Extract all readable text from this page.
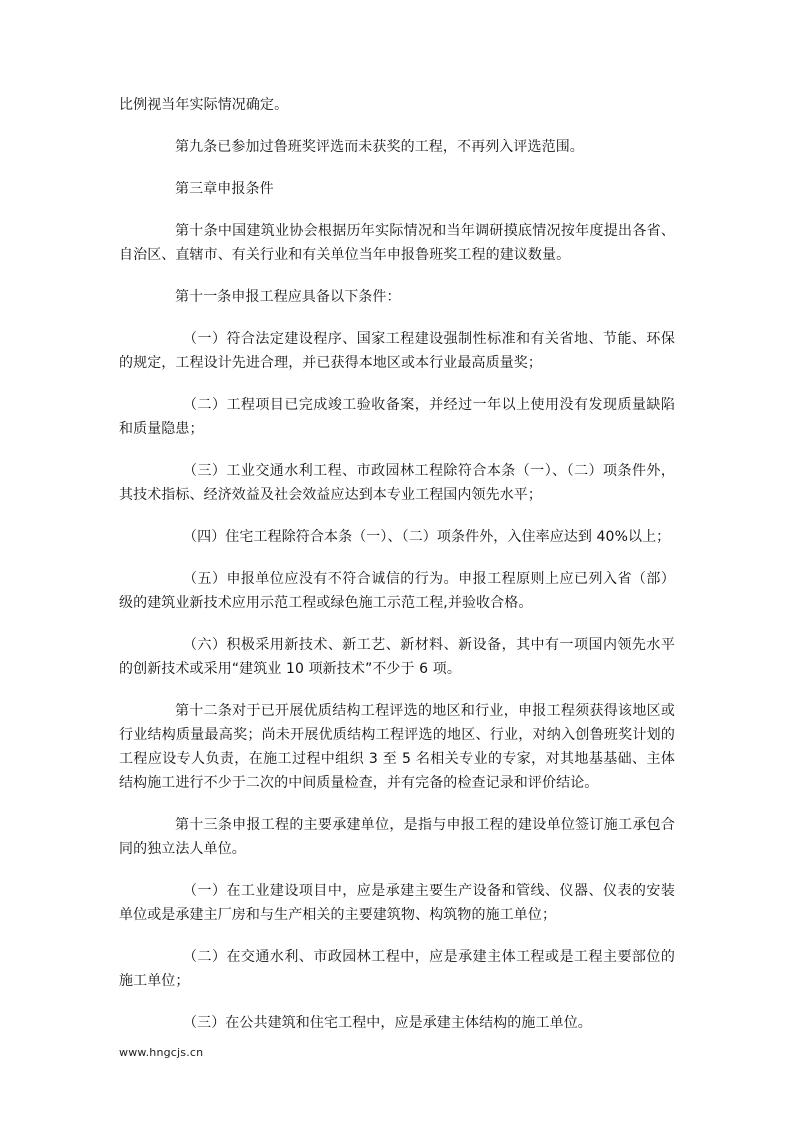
比例视当年实际情况确定。

第九条已参加过鲁班奖评选而未获奖的工程，不再列入评选范围。

第三章申报条件

第十条中国建筑业协会根据历年实际情况和当年调研摸底情况按年度提出各省、自治区、直辖市、有关行业和有关单位当年申报鲁班奖工程的建议数量。

第十一条申报工程应具备以下条件：

（一）符合法定建设程序、国家工程建设强制性标准和有关省地、节能、环保的规定，工程设计先进合理，并已获得本地区或本行业最高质量奖；

（二）工程项目已完成竣工验收备案，并经过一年以上使用没有发现质量缺陷和质量隐患；

（三）工业交通水利工程、市政园林工程除符合本条（一）、（二）项条件外，其技术指标、经济效益及社会效益应达到本专业工程国内领先水平；

（四）住宅工程除符合本条（一）、（二）项条件外，入住率应达到 40%以上；

（五）申报单位应没有不符合诚信的行为。申报工程原则上应已列入省（部）级的建筑业新技术应用示范工程或绿色施工示范工程,并验收合格。

（六）积极采用新技术、新工艺、新材料、新设备，其中有一项国内领先水平的创新技术或采用“建筑业 10 项新技术”不少于 6 项。

第十二条对于已开展优质结构工程评选的地区和行业，申报工程须获得该地区或行业结构质量最高奖；尚未开展优质结构工程评选的地区、行业，对纳入创鲁班奖计划的工程应设专人负责，在施工过程中组织 3 至 5 名相关专业的专家，对其地基基础、主体结构施工进行不少于二次的中间质量检查，并有完备的检查记录和评价结论。

第十三条申报工程的主要承建单位，是指与申报工程的建设单位签订施工承包合同的独立法人单位。

（一）在工业建设项目中，应是承建主要生产设备和管线、仪器、仪表的安装单位或是承建主厂房和与生产相关的主要建筑物、构筑物的施工单位；

（二）在交通水利、市政园林工程中，应是承建主体工程或是工程主要部位的施工单位；

（三）在公共建筑和住宅工程中，应是承建主体结构的施工单位。

www.hngcjs.cn
